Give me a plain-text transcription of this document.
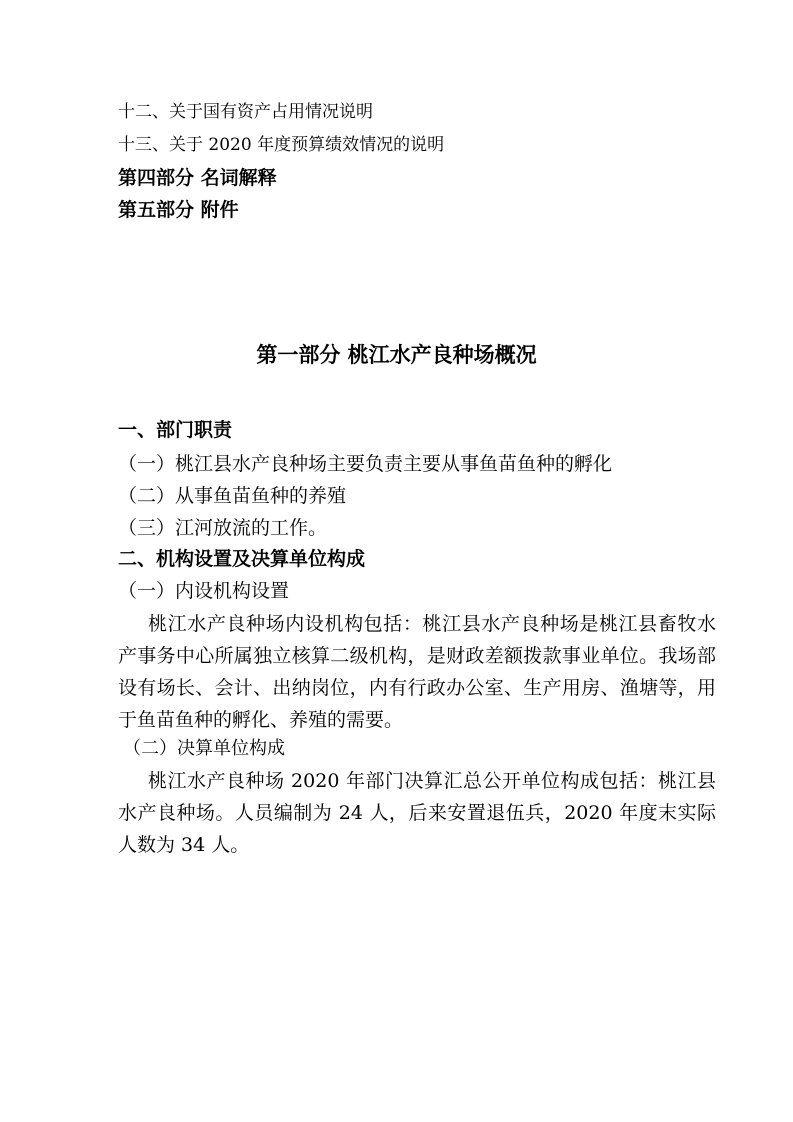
十二、关于国有资产占用情况说明
十三、关于 2020 年度预算绩效情况的说明
第四部分 名词解释
第五部分 附件
第一部分 桃江水产良种场概况
一、部门职责
（一）桃江县水产良种场主要负责主要从事鱼苗鱼种的孵化
（二）从事鱼苗鱼种的养殖
（三）江河放流的工作。
二、机构设置及决算单位构成
（一）内设机构设置
桃江水产良种场内设机构包括：桃江县水产良种场是桃江县畜牧水产事务中心所属独立核算二级机构，是财政差额拨款事业单位。我场部设有场长、会计、出纳岗位，内有行政办公室、生产用房、渔塘等，用于鱼苗鱼种的孵化、养殖的需要。
（二）决算单位构成
桃江水产良种场 2020 年部门决算汇总公开单位构成包括：桃江县水产良种场。人员编制为 24 人，后来安置退伍兵，2020 年度末实际人数为 34 人。
